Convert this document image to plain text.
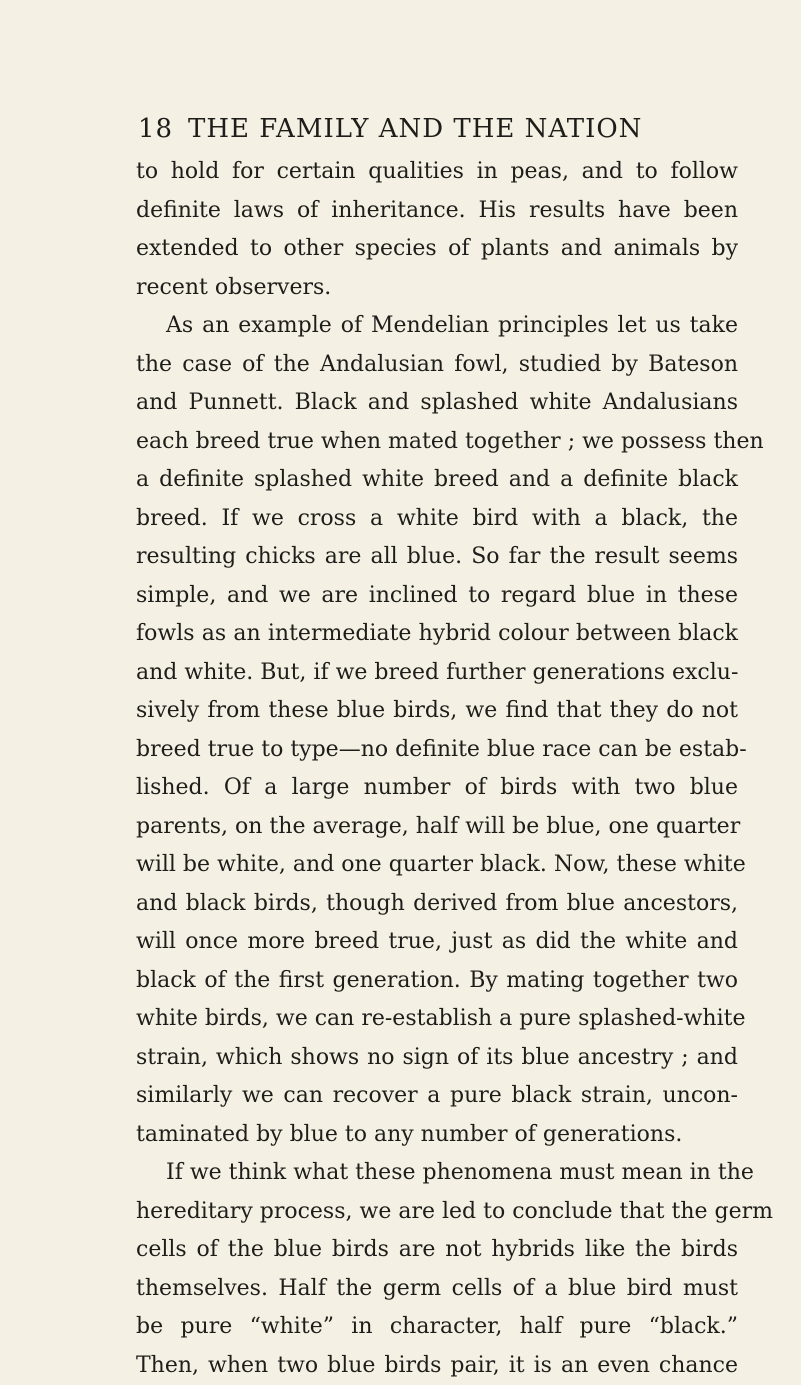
18 THE FAMILY AND THE NATION
to hold for certain qualities in peas, and to follow
definite laws of inheritance. His results have been
extended to other species of plants and animals by
recent observers.
As an example of Mendelian principles let us take
the case of the Andalusian fowl, studied by Bateson
and Punnett. Black and splashed white Andalusians
each breed true when mated together ; we possess then
a definite splashed white breed and a definite black
breed. If we cross a white bird with a black, the
resulting chicks are all blue. So far the result seems
simple, and we are inclined to regard blue in these
fowls as an intermediate hybrid colour between black
and white. But, if we breed further generations exclu-
sively from these blue birds, we find that they do not
breed true to type—no definite blue race can be estab-
lished. Of a large number of birds with two blue
parents, on the average, half will be blue, one quarter
will be white, and one quarter black. Now, these white
and black birds, though derived from blue ancestors,
will once more breed true, just as did the white and
black of the first generation. By mating together two
white birds, we can re-establish a pure splashed-white
strain, which shows no sign of its blue ancestry ; and
similarly we can recover a pure black strain, uncon-
taminated by blue to any number of generations.
If we think what these phenomena must mean in the
hereditary process, we are led to conclude that the germ
cells of the blue birds are not hybrids like the birds
themselves. Half the germ cells of a blue bird must
be pure “white” in character, half pure “black.”
Then, when two blue birds pair, it is an even chance
